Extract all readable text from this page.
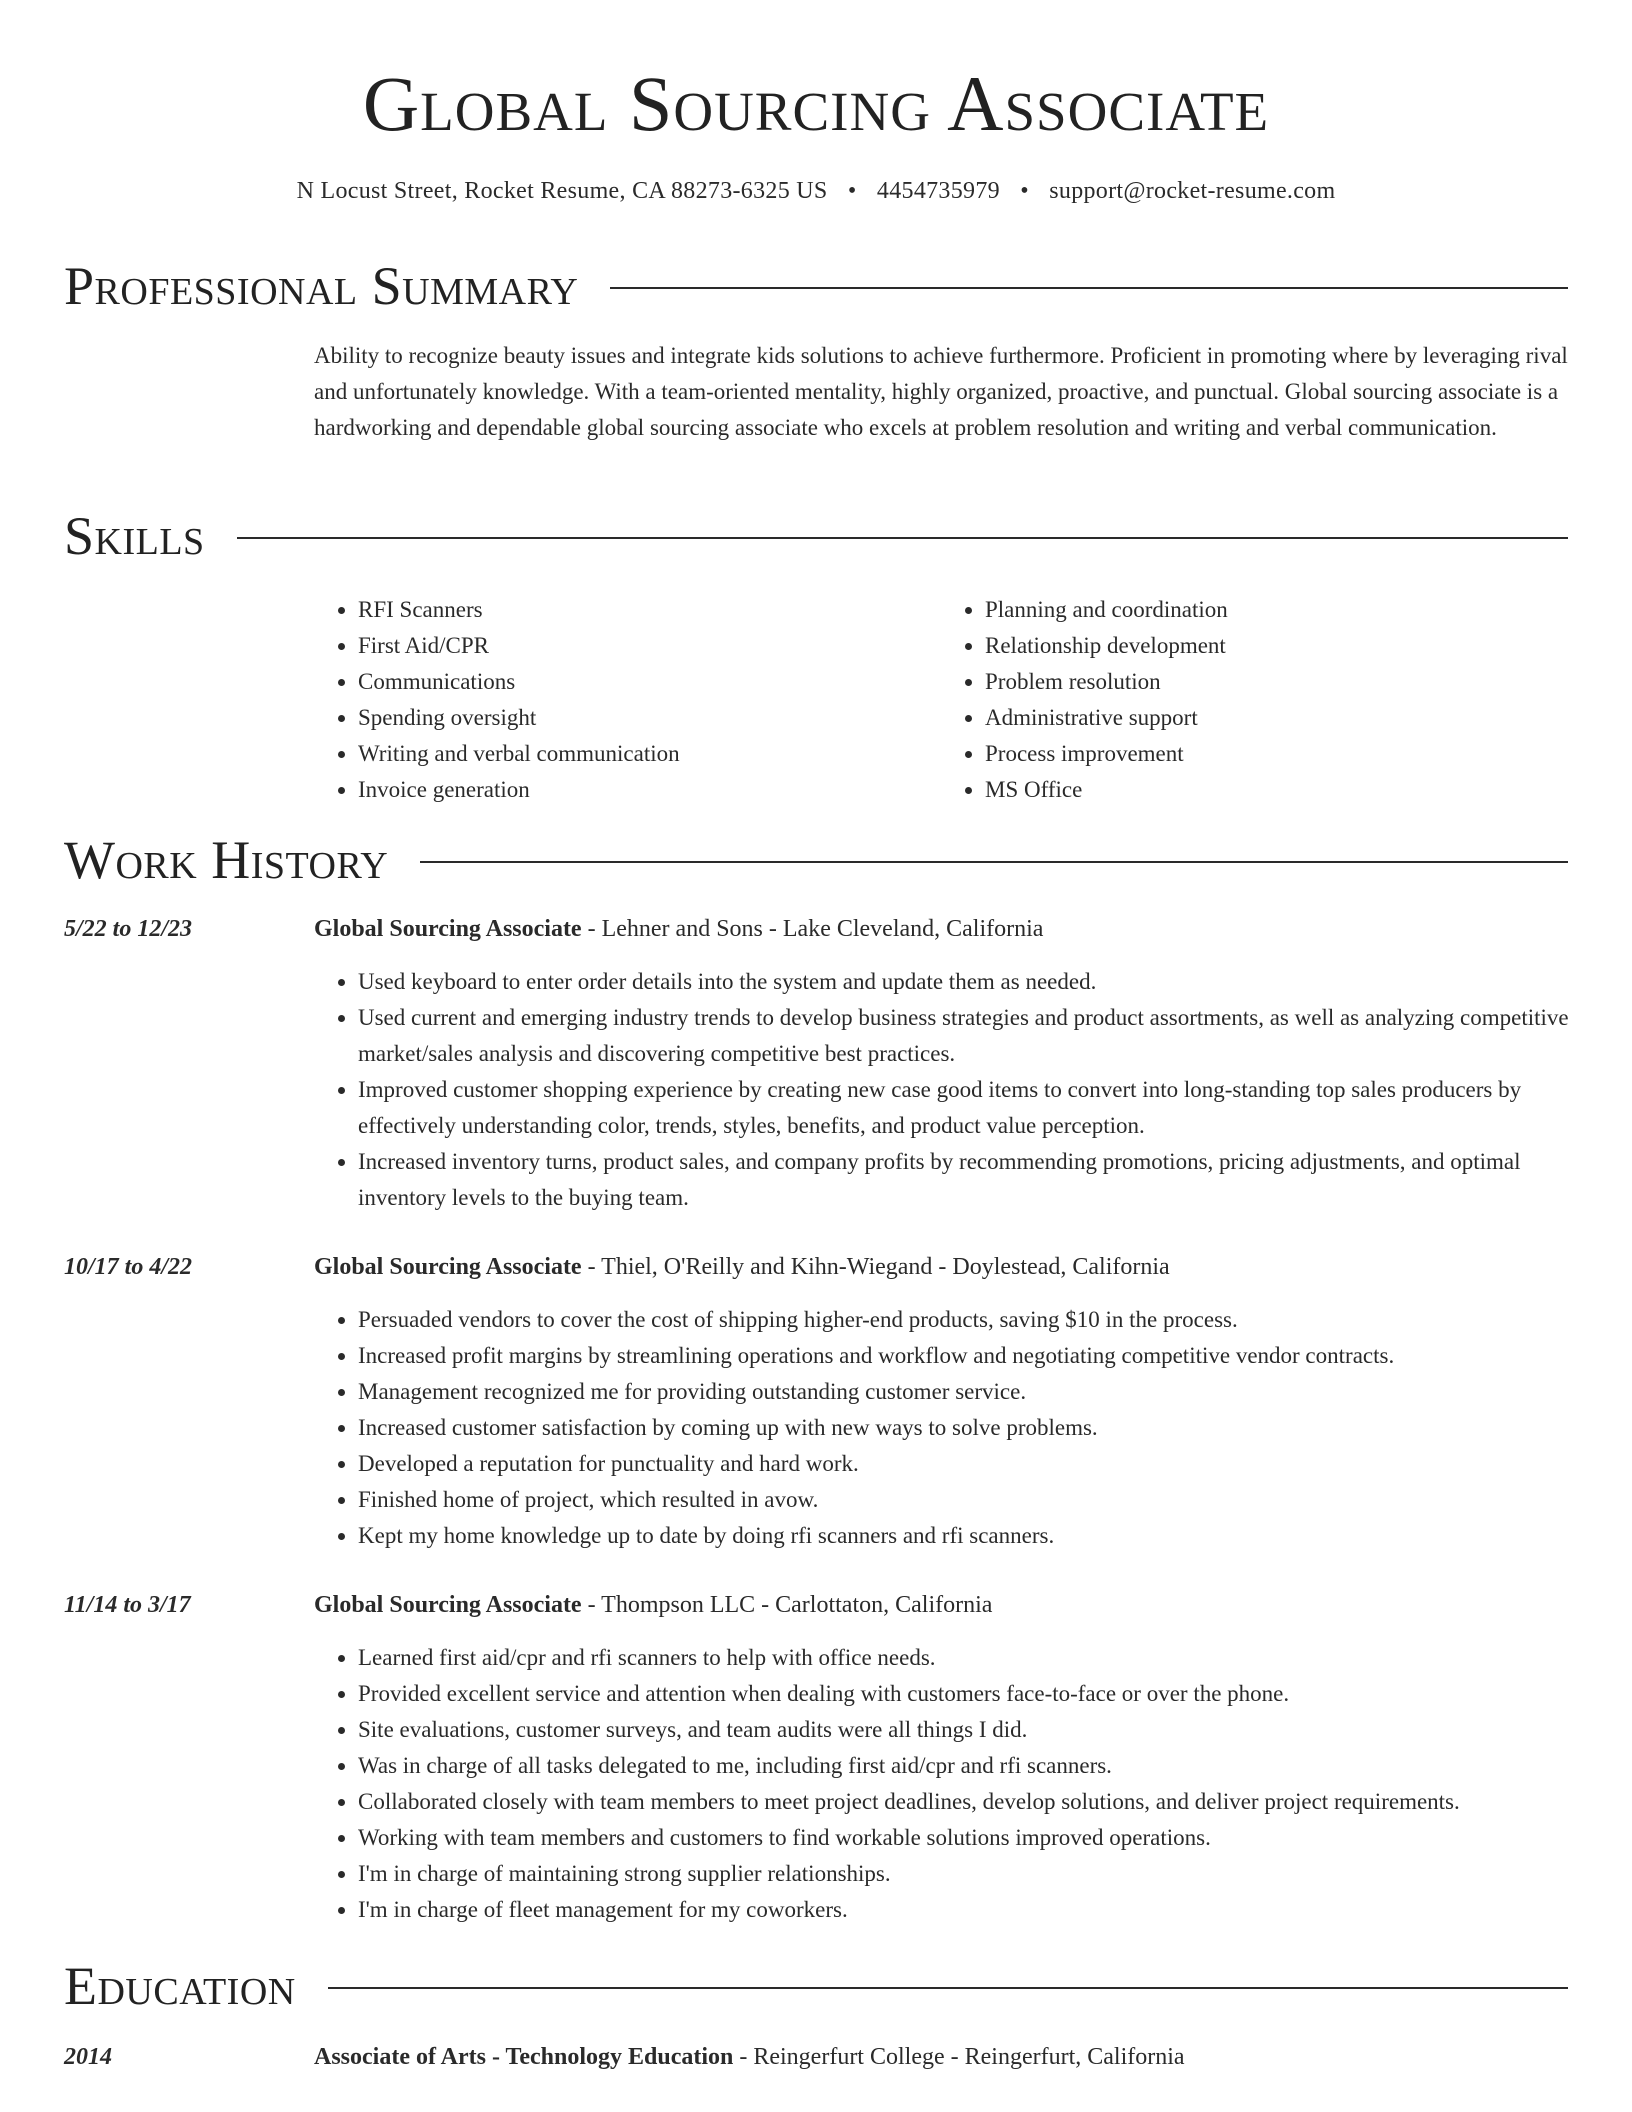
Global Sourcing Associate
N Locust Street, Rocket Resume, CA 88273-6325 US • 4454735979 • support@rocket-resume.com
Professional Summary

Ability to recognize beauty issues and integrate kids solutions to achieve furthermore. Proficient in promoting where by leveraging rival and unfortunately knowledge. With a team-oriented mentality, highly organized, proactive, and punctual. Global sourcing associate is a hardworking and dependable global sourcing associate who excels at problem resolution and writing and verbal communication.

Skills
• RFI Scanners
• First Aid/CPR
• Communications
• Spending oversight
• Writing and verbal communication
• Invoice generation
• Planning and coordination
• Relationship development
• Problem resolution
• Administrative support
• Process improvement
• MS Office
Work History
5/22 to 12/23	Global Sourcing Associate - Lehner and Sons - Lake Cleveland, California
• Used keyboard to enter order details into the system and update them as needed.
• Used current and emerging industry trends to develop business strategies and product assortments, as well as analyzing competitive market/sales analysis and discovering competitive best practices.
• Improved customer shopping experience by creating new case good items to convert into long-standing top sales producers by effectively understanding color, trends, styles, benefits, and product value perception.
• Increased inventory turns, product sales, and company profits by recommending promotions, pricing adjustments, and optimal inventory levels to the buying team.
10/17 to 4/22	Global Sourcing Associate - Thiel, O'Reilly and Kihn-Wiegand - Doylestead, California
• Persuaded vendors to cover the cost of shipping higher-end products, saving $10 in the process.
• Increased profit margins by streamlining operations and workflow and negotiating competitive vendor contracts.
• Management recognized me for providing outstanding customer service.
• Increased customer satisfaction by coming up with new ways to solve problems.
• Developed a reputation for punctuality and hard work.
• Finished home of project, which resulted in avow.
• Kept my home knowledge up to date by doing rfi scanners and rfi scanners.
11/14 to 3/17	Global Sourcing Associate - Thompson LLC - Carlottaton, California
• Learned first aid/cpr and rfi scanners to help with office needs.
• Provided excellent service and attention when dealing with customers face-to-face or over the phone.
• Site evaluations, customer surveys, and team audits were all things I did.
• Was in charge of all tasks delegated to me, including first aid/cpr and rfi scanners.
• Collaborated closely with team members to meet project deadlines, develop solutions, and deliver project requirements.
• Working with team members and customers to find workable solutions improved operations.
• I'm in charge of maintaining strong supplier relationships.
• I'm in charge of fleet management for my coworkers.
Education
2014	Associate of Arts - Technology Education - Reingerfurt College - Reingerfurt, California
